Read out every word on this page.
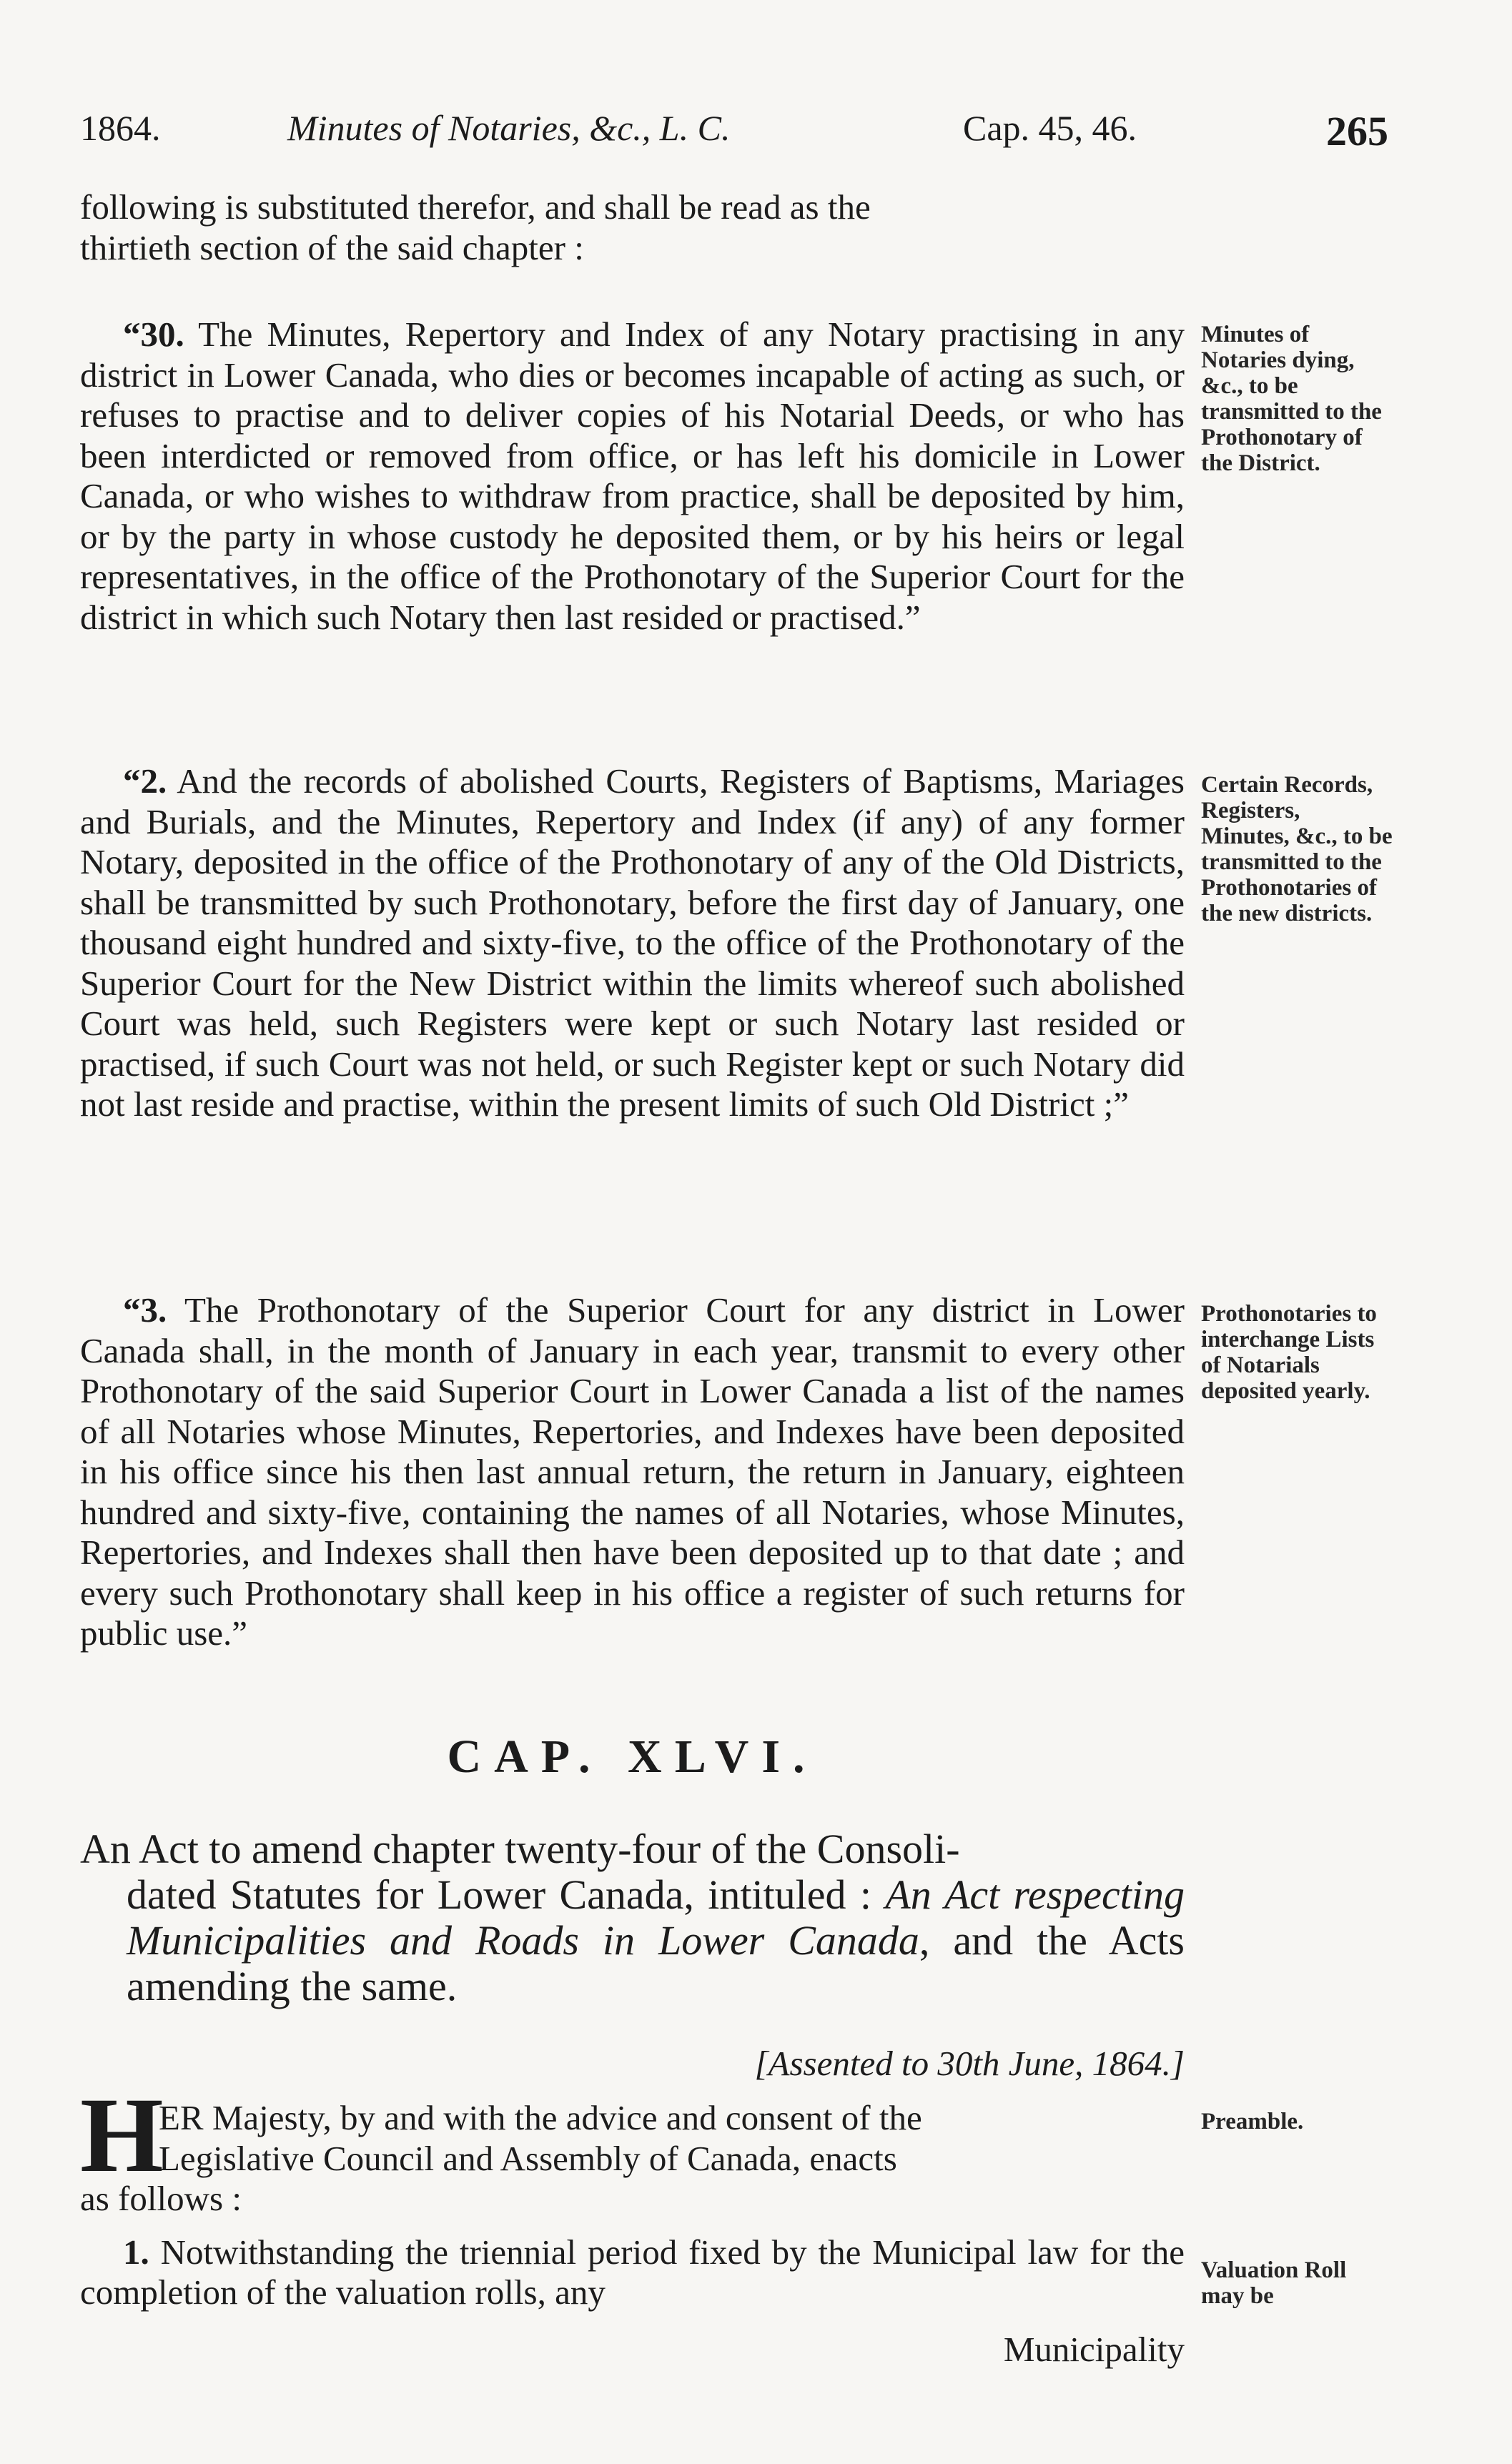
1864.	Minutes of Notaries, &c., L. C.	Cap. 45, 46.	265

following is substituted therefor, and shall be read as the
thirtieth section of the said chapter :

“30. The Minutes, Repertory and Index of any Notary practising in any district in Lower Canada, who dies or becomes incapable of acting as such, or refuses to practise and to deliver copies of his Notarial Deeds, or who has been interdicted or removed from office, or has left his domicile in Lower Canada, or who wishes to withdraw from practice, shall be deposited by him, or by the party in whose custody he deposited them, or by his heirs or legal representatives, in the office of the Prothonotary of the Superior Court for the district in which such Notary then last resided or practised.”

Minutes of Notaries dying, &c., to be transmitted to the Prothonotary of the District.

“2. And the records of abolished Courts, Registers of Baptisms, Mariages and Burials, and the Minutes, Repertory and Index (if any) of any former Notary, deposited in the office of the Prothonotary of any of the Old Districts, shall be transmitted by such Prothonotary, before the first day of January, one thousand eight hundred and sixty-five, to the office of the Prothonotary of the Superior Court for the New District within the limits whereof such abolished Court was held, such Registers were kept or such Notary last resided or practised, if such Court was not held, or such Register kept or such Notary did not last reside and practise, within the present limits of such Old District ;”

Certain Records, Registers, Minutes, &c., to be transmitted to the Prothonotaries of the new districts.

“3. The Prothonotary of the Superior Court for any district in Lower Canada shall, in the month of January in each year, transmit to every other Prothonotary of the said Superior Court in Lower Canada a list of the names of all Notaries whose Minutes, Repertories, and Indexes have been deposited in his office since his then last annual return, the return in January, eighteen hundred and sixty-five, containing the names of all Notaries, whose Minutes, Repertories, and Indexes shall then have been deposited up to that date ; and every such Prothonotary shall keep in his office a register of such returns for public use.”

Prothonotaries to interchange Lists of Notarials deposited yearly.
CAP. XLVI.
An Act to amend chapter twenty-four of the Consoli-
dated Statutes for Lower Canada, intituled : An Act respecting Municipalities and Roads in Lower Canada, and the Acts amending the same.
[Assented to 30th June, 1864.]
H

ER Majesty, by and with the advice and consent of the

Legislative Council and Assembly of Canada, enacts

as follows :

1. Notwithstanding the triennial period fixed by the Municipal law for the completion of the valuation rolls, any

Preamble.
Valuation Roll may be
Municipality
